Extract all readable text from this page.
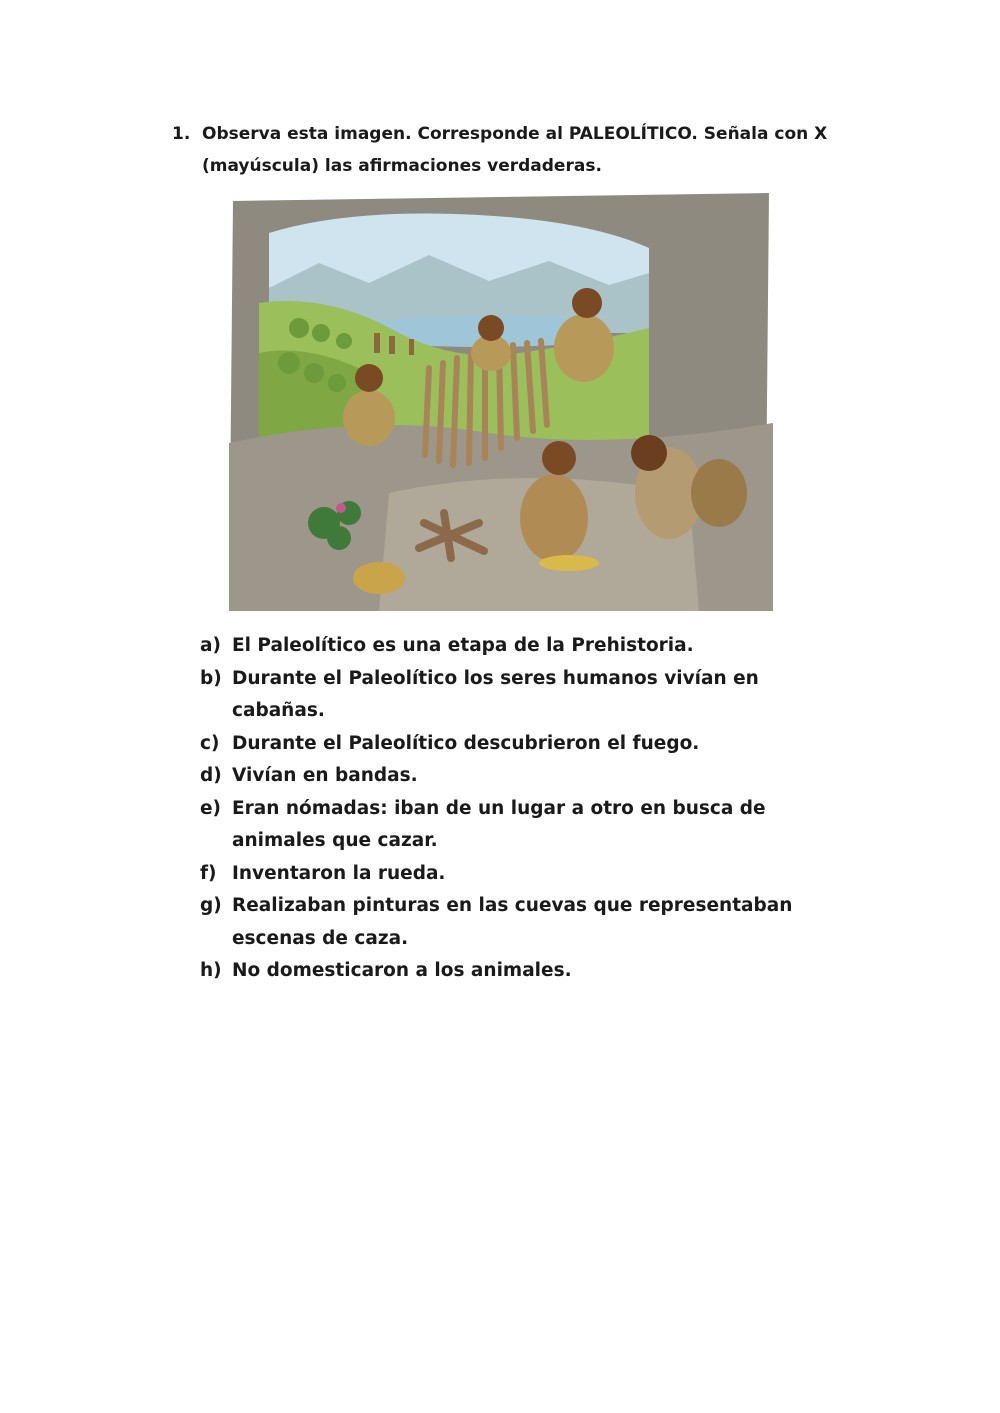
1. Observa esta imagen. Corresponde al PALEOLÍTICO. Señala con X (mayúscula) las afirmaciones verdaderas.
a) El Paleolítico es una etapa de la Prehistoria.
b) Durante el Paleolítico los seres humanos vivían en cabañas.
c) Durante el Paleolítico descubrieron el fuego.
d) Vivían en bandas.
e) Eran nómadas: iban de un lugar a otro en busca de animales que cazar.
f) Inventaron la rueda.
g) Realizaban pinturas en las cuevas que representaban escenas de caza.
h) No domesticaron a los animales.
